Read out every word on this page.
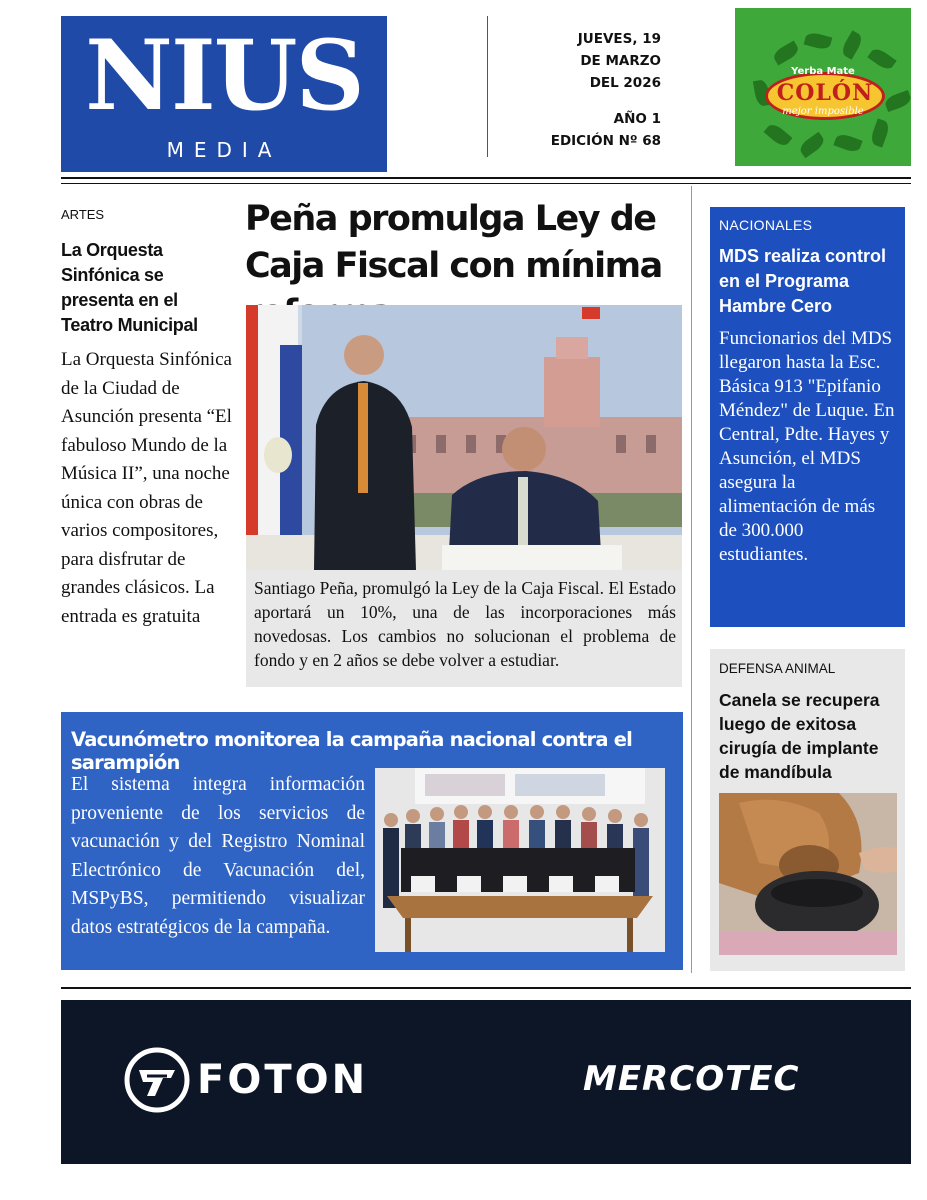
NIUS
MEDIA
JUEVES, 19
DE MARZO
DEL 2026
AÑO 1
EDICIÓN Nº 68
Yerba Mate
COLÓN
mejor imposible
ARTES
La Orquesta Sinfónica se presenta en el Teatro Municipal
La Orquesta Sinfónica de la Ciudad de Asunción presenta “El fabuloso Mundo de la Música II”, una noche única con obras de varios compositores, para disfrutar de grandes clásicos. La entrada es gratuita
Peña promulga Ley de Caja Fiscal con mínima
Santiago Peña, promulgó la Ley de la Caja Fiscal. El Estado aportará un 10%, una de las incorporaciones más novedosas. Los cambios no solucionan el problema de fondo y en 2 años se debe volver a estudiar.
NACIONALES
MDS realiza control en el Programa Hambre Cero
Funcionarios del MDS llegaron hasta la Esc. Básica 913 "Epifanio Méndez" de Luque. En Central, Pdte. Hayes y Asunción, el MDS asegura la alimentación de más de 300.000 estudiantes.
DEFENSA ANIMAL
Canela se recupera luego de exitosa cirugía de implante de mandíbula
Vacunómetro monitorea la campaña nacional contra el sarampión
El sistema integra información proveniente de los servicios de vacunación y del Registro Nominal Electrónico de Vacunación del, MSPyBS, permitiendo visualizar datos estratégicos de la campaña.
FOTON	MERCOTEC
